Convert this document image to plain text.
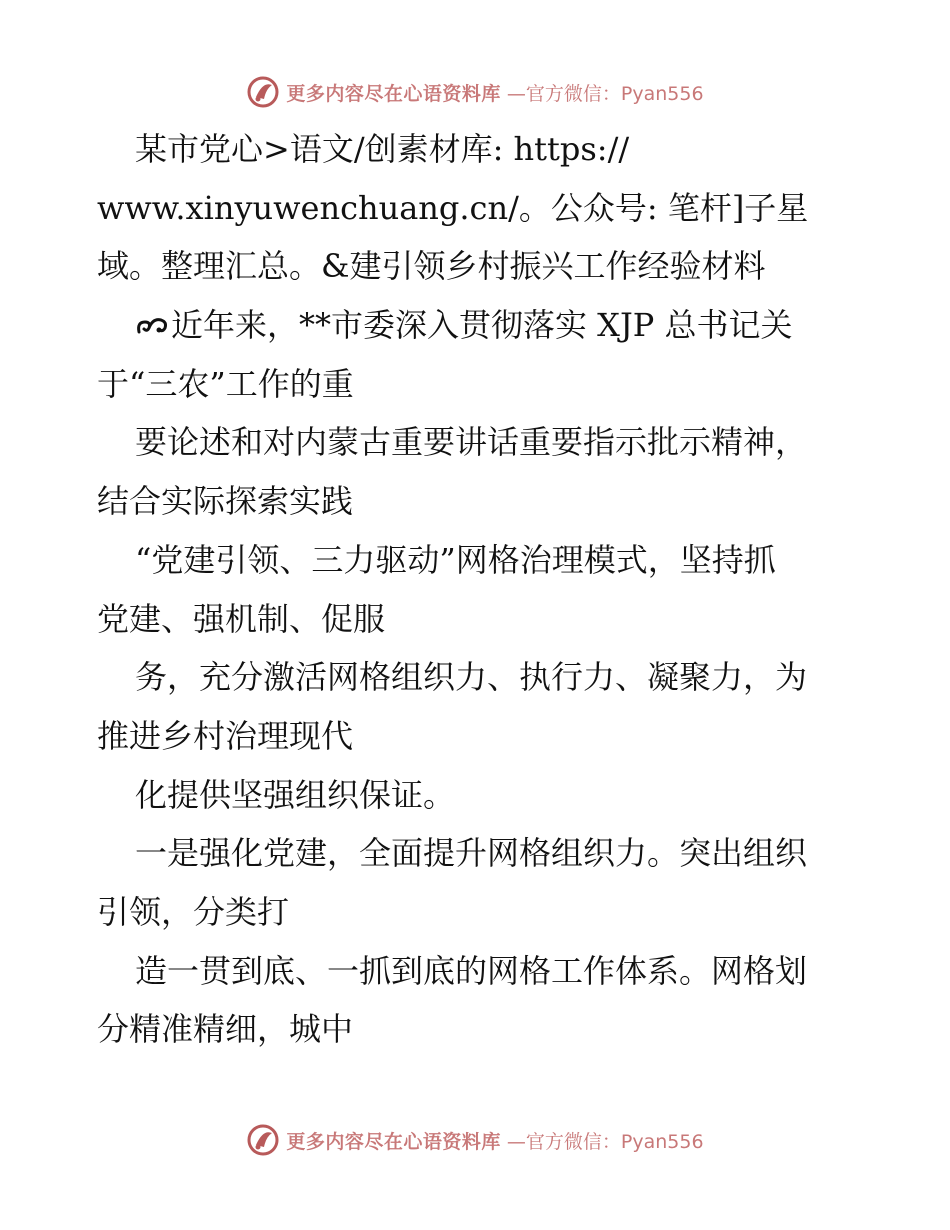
更多内容尽在心语资料库 —官方微信：Pyan556
某市党心>语文/创素材库: https://
www.xinyuwenchuang.cn/。公众号: 笔杆]子星
域。整理汇总。&建引领乡村振兴工作经验材料
近年来，**市委深入贯彻落实 XJP 总书记关
于“三农”工作的重
要论述和对内蒙古重要讲话重要指示批示精神，
结合实际探索实践
“党建引领、三力驱动”网格治理模式，坚持抓
党建、强机制、促服
务，充分激活网格组织力、执行力、凝聚力，为
推进乡村治理现代
化提供坚强组织保证。
一是强化党建，全面提升网格组织力。突出组织
引领，分类打
造一贯到底、一抓到底的网格工作体系。网格划
分精准精细，城中
更多内容尽在心语资料库 —官方微信：Pyan556
